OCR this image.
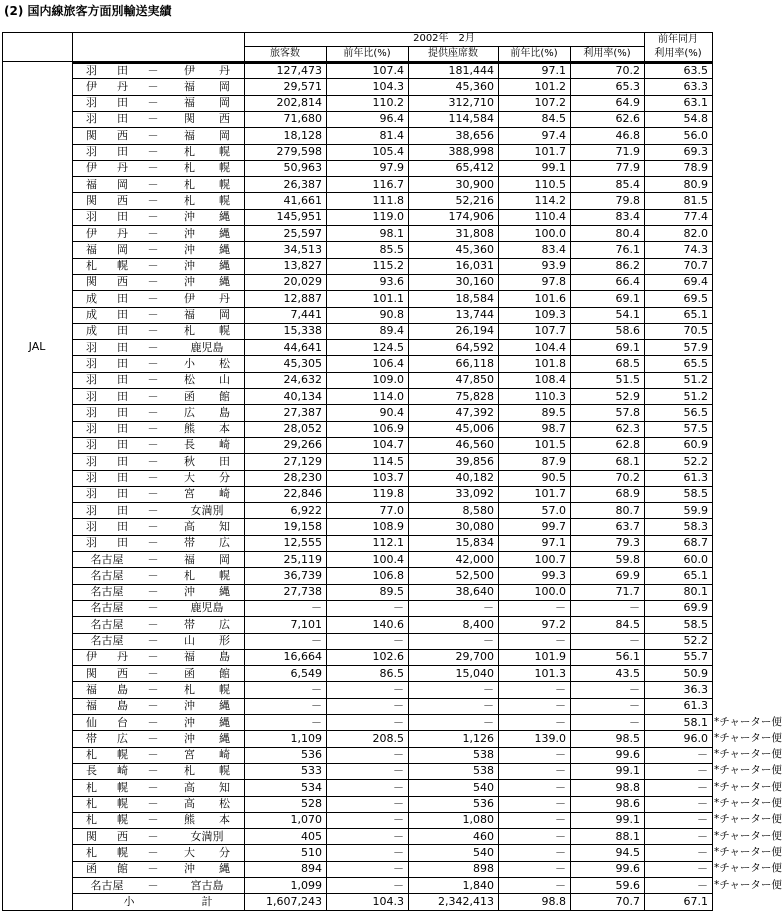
(2) 国内線旅客方面別輸送実績
2002年　2月
旅客数	前年比(%)	提供座席数	前年比(%)	利用率(%)
前年同月
利用率(%)
JAL
羽 田 － 伊 丹	127,473	107.4	181,444	97.1	70.2	63.5
伊 丹 － 福 岡	29,571	104.3	45,360	101.2	65.3	63.3
羽 田 － 福 岡	202,814	110.2	312,710	107.2	64.9	63.1
羽 田 － 関 西	71,680	96.4	114,584	84.5	62.6	54.8
関 西 － 福 岡	18,128	81.4	38,656	97.4	46.8	56.0
羽 田 － 札 幌	279,598	105.4	388,998	101.7	71.9	69.3
伊 丹 － 札 幌	50,963	97.9	65,412	99.1	77.9	78.9
福 岡 － 札 幌	26,387	116.7	30,900	110.5	85.4	80.9
関 西 － 札 幌	41,661	111.8	52,216	114.2	79.8	81.5
羽 田 － 沖 縄	145,951	119.0	174,906	110.4	83.4	77.4
伊 丹 － 沖 縄	25,597	98.1	31,808	100.0	80.4	82.0
福 岡 － 沖 縄	34,513	85.5	45,360	83.4	76.1	74.3
札 幌 － 沖 縄	13,827	115.2	16,031	93.9	86.2	70.7
関 西 － 沖 縄	20,029	93.6	30,160	97.8	66.4	69.4
成 田 － 伊 丹	12,887	101.1	18,584	101.6	69.1	69.5
成 田 － 福 岡	7,441	90.8	13,744	109.3	54.1	65.1
成 田 － 札 幌	15,338	89.4	26,194	107.7	58.6	70.5
羽 田 －	鹿児島	44,641	124.5	64,592	104.4	69.1	57.9
羽 田 － 小 松	45,305	106.4	66,118	101.8	68.5	65.5
羽 田 － 松 山	24,632	109.0	47,850	108.4	51.5	51.2
羽 田 － 函 館	40,134	114.0	75,828	110.3	52.9	51.2
羽 田 － 広 島	27,387	90.4	47,392	89.5	57.8	56.5
羽 田 － 熊 本	28,052	106.9	45,006	98.7	62.3	57.5
羽 田 － 長 崎	29,266	104.7	46,560	101.5	62.8	60.9
羽 田 － 秋 田	27,129	114.5	39,856	87.9	68.1	52.2
羽 田 － 大 分	28,230	103.7	40,182	90.5	70.2	61.3
羽 田 － 宮 崎	22,846	119.8	33,092	101.7	68.9	58.5
羽 田 －	女満別	6,922	77.0	8,580	57.0	80.7	59.9
羽 田 － 高 知	19,158	108.9	30,080	99.7	63.7	58.3
羽 田 － 帯 広	12,555	112.1	15,834	97.1	79.3	68.7
名古屋	－ 福 岡	25,119	100.4	42,000	100.7	59.8	60.0
名古屋	－ 札 幌	36,739	106.8	52,500	99.3	69.9	65.1
名古屋	－ 沖 縄	27,738	89.5	38,640	100.0	71.7	80.1
名古屋	－	鹿児島	－	－	－	－	－	69.9
名古屋	－ 帯 広	7,101	140.6	8,400	97.2	84.5	58.5
名古屋	－ 山 形	－	－	－	－	－	52.2
伊 丹 － 福 島	16,664	102.6	29,700	101.9	56.1	55.7
関 西 － 函 館	6,549	86.5	15,040	101.3	43.5	50.9
福 島 － 札 幌	－	－	－	－	－	36.3
福 島 － 沖 縄	－	－	－	－	－	61.3
仙 台 － 沖 縄	－	－	－	－	－	58.1 *チャーター便
帯 広 － 沖 縄	1,109	208.5	1,126	139.0	98.5	96.0 *チャーター便
札 幌 － 宮 崎	536	－	538	－	99.6	－ *チャーター便
長 崎 － 札 幌	533	－	538	－	99.1	－ *チャーター便
札 幌 － 高 知	534	－	540	－	98.8	－ *チャーター便
札 幌 － 高 松	528	－	536	－	98.6	－ *チャーター便
札 幌 － 熊 本	1,070	－	1,080	－	99.1	－ *チャーター便
関 西 －	女満別	405	－	460	－	88.1	－ *チャーター便
札 幌 － 大 分	510	－	540	－	94.5	－ *チャーター便
函 館 － 沖 縄	894	－	898	－	99.6	－ *チャーター便
名古屋	－	宮古島	1,099	－	1,840	－	59.6	－ *チャーター便
小	計	1,607,243	104.3	2,342,413	98.8	70.7	67.1
